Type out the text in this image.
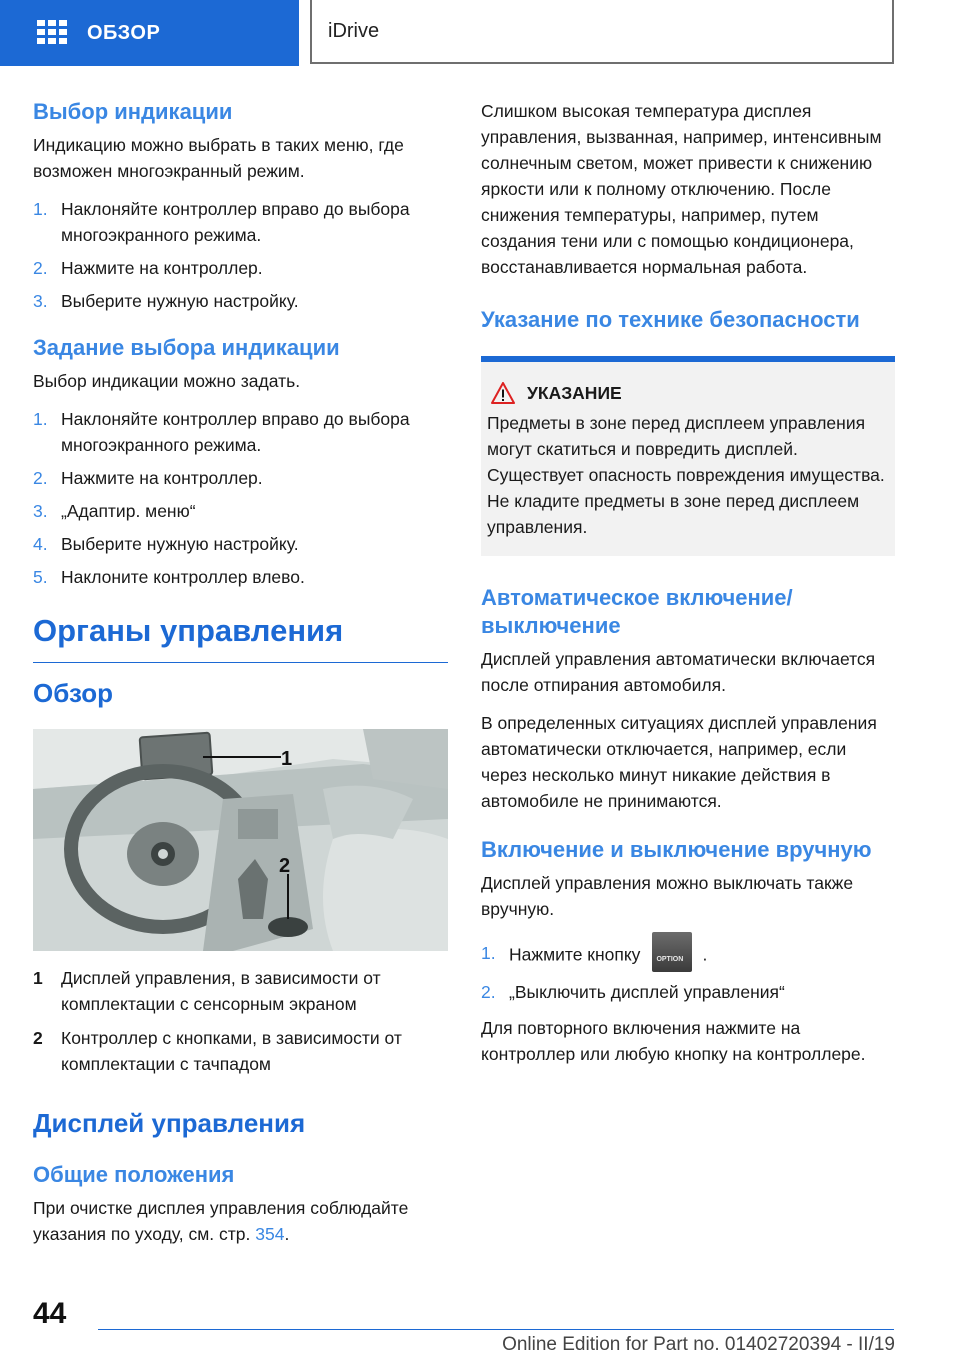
ОБЗОР	iDrive
Выбор индикации

Индикацию можно выбрать в таких меню, где возможен многоэкранный режим.

1. Наклоняйте контроллер вправо до выбора многоэкранного режима.
2. Нажмите на контроллер.
3. Выберите нужную настройку.
Задание выбора индикации

Выбор индикации можно задать.

1. Наклоняйте контроллер вправо до выбора многоэкранного режима.
2. Нажмите на контроллер.
3. „Адаптир. меню“
4. Выберите нужную настройку.
5. Наклоните контроллер влево.
Органы управления
Обзор
1
2
1	Дисплей управления, в зависимости от комплектации с сенсорным экраном
2	Контроллер с кнопками, в зависимости от комплектации с тачпадом
Дисплей управления
Общие положения

При очистке дисплея управления соблюдайте указания по уходу, см. стр. 354.

Слишком высокая температура дисплея управления, вызванная, например, интенсивным солнечным светом, может привести к снижению яркости или к полному отключению. После снижения температуры, например, путем создания тени или с помощью кондиционера, восстанавливается нормальная работа.

Указание по технике безопасности
УКАЗАНИЕ

Предметы в зоне перед дисплеем управления могут скатиться и повредить дисплей. Существует опасность повреждения имущества. Не кладите предметы в зоне перед дисплеем управления.

Автоматическое включение/ выключение

Дисплей управления автоматически включается после отпирания автомобиля.

В определенных ситуациях дисплей управления автоматически отключается, например, если через несколько минут никакие действия в автомобиле не принимаются.

Включение и выключение вручную

Дисплей управления можно выключать также вручную.

1. Нажмите кнопку OPTION .
2. „Выключить дисплей управления“

Для повторного включения нажмите на контроллер или любую кнопку на контроллере.

44
Online Edition for Part no. 01402720394 - II/19
